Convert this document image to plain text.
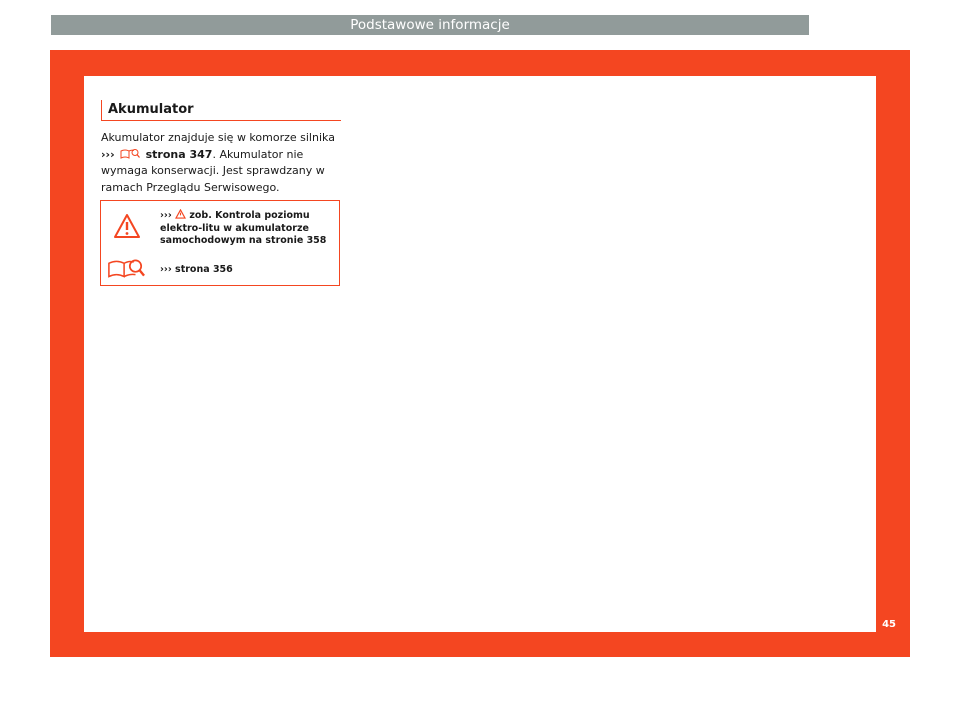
Podstawowe informacje
Akumulator
Akumulator znajduje się w komorze silnika
›››	strona 347. Akumulator nie wymaga konserwacji. Jest sprawdzany w ramach Przeglądu Serwisowego.
››› zob. Kontrola poziomu elektro-litu w akumulatorze samochodowym na stronie 358
››› strona 356
45
